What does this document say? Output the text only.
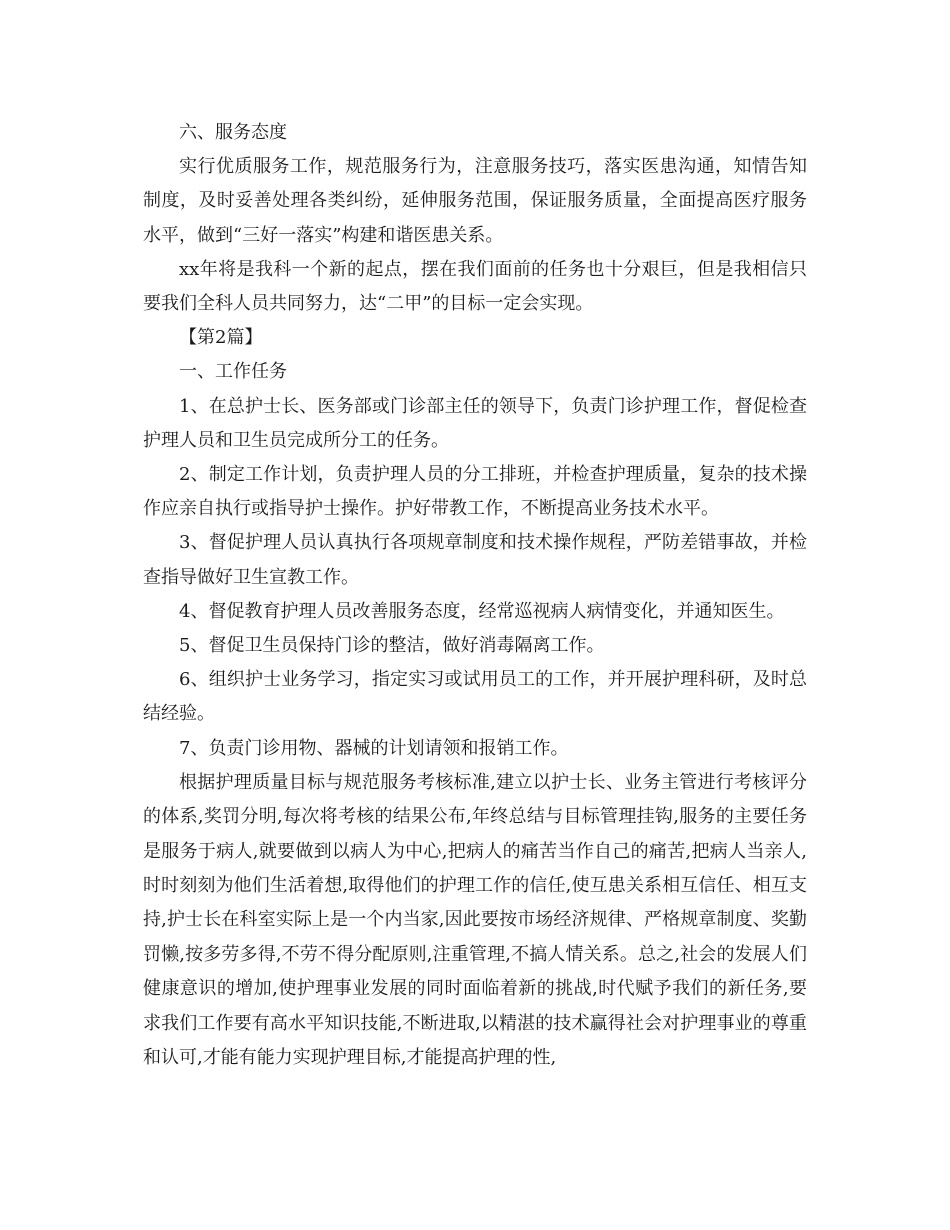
六、服务态度

实行优质服务工作，规范服务行为，注意服务技巧，落实医患沟通，知情告知制度，及时妥善处理各类纠纷，延伸服务范围，保证服务质量，全面提高医疗服务水平，做到“三好一落实”构建和谐医患关系。

xx年将是我科一个新的起点，摆在我们面前的任务也十分艰巨，但是我相信只要我们全科人员共同努力，达“二甲”的目标一定会实现。

【第2篇】

一、工作任务

1、在总护士长、医务部或门诊部主任的领导下，负责门诊护理工作，督促检查护理人员和卫生员完成所分工的任务。

2、制定工作计划，负责护理人员的分工排班，并检查护理质量，复杂的技术操作应亲自执行或指导护士操作。护好带教工作，不断提高业务技术水平。

3、督促护理人员认真执行各项规章制度和技术操作规程，严防差错事故，并检查指导做好卫生宣教工作。

4、督促教育护理人员改善服务态度，经常巡视病人病情变化，并通知医生。

5、督促卫生员保持门诊的整洁，做好消毒隔离工作。

6、组织护士业务学习，指定实习或试用员工的工作，并开展护理科研，及时总结经验。

7、负责门诊用物、器械的计划请领和报销工作。

根据护理质量目标与规范服务考核标准,建立以护士长、业务主管进行考核评分的体系,奖罚分明,每次将考核的结果公布,年终总结与目标管理挂钩,服务的主要任务是服务于病人,就要做到以病人为中心,把病人的痛苦当作自己的痛苦,把病人当亲人,时时刻刻为他们生活着想,取得他们的护理工作的信任,使互患关系相互信任、相互支持,护士长在科室实际上是一个内当家,因此要按市场经济规律、严格规章制度、奖勤罚懒,按多劳多得,不劳不得分配原则,注重管理,不搞人情关系。总之,社会的发展人们健康意识的增加,使护理事业发展的同时面临着新的挑战,时代赋予我们的新任务,要求我们工作要有高水平知识技能,不断进取,以精湛的技术赢得社会对护理事业的尊重和认可,才能有能力实现护理目标,才能提高护理的性,
